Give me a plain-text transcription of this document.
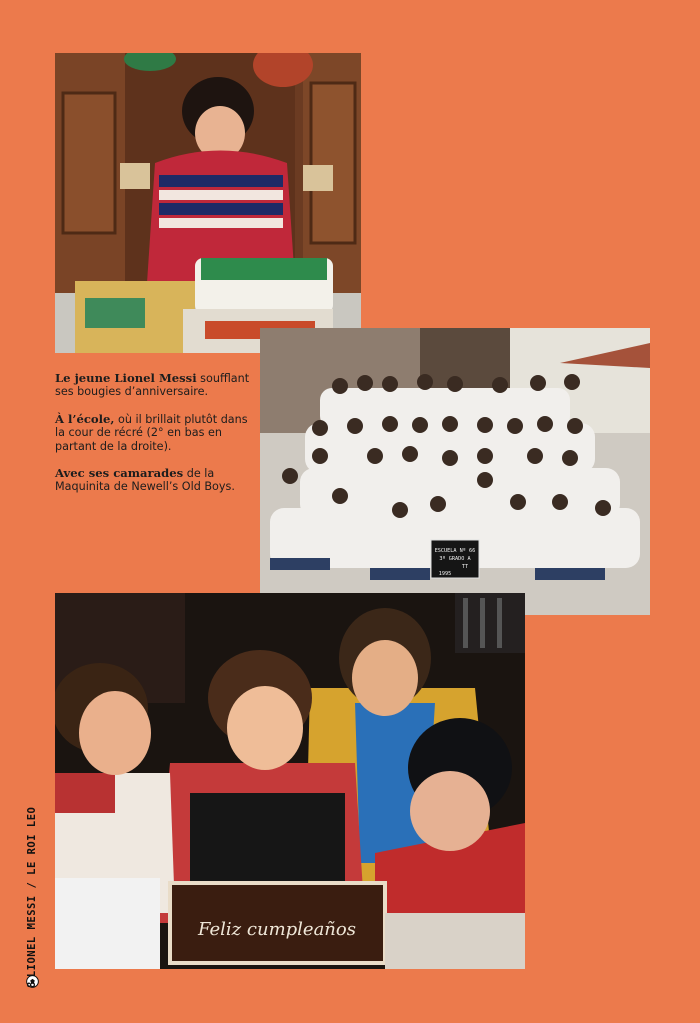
ESCUELA Nº 66
3º GRADO A
TT
1995

Le jeune Lionel Messi soufflant ses bougies d’anniversaire.

À l’école, où il brillait plutôt dans la cour de récré (2° en bas en partant de la droite).

Avec ses camarades de la Maquinita de Newell’s Old Boys.

Feliz cumpleaños
8
LIONEL MESSI / LE ROI LEO
